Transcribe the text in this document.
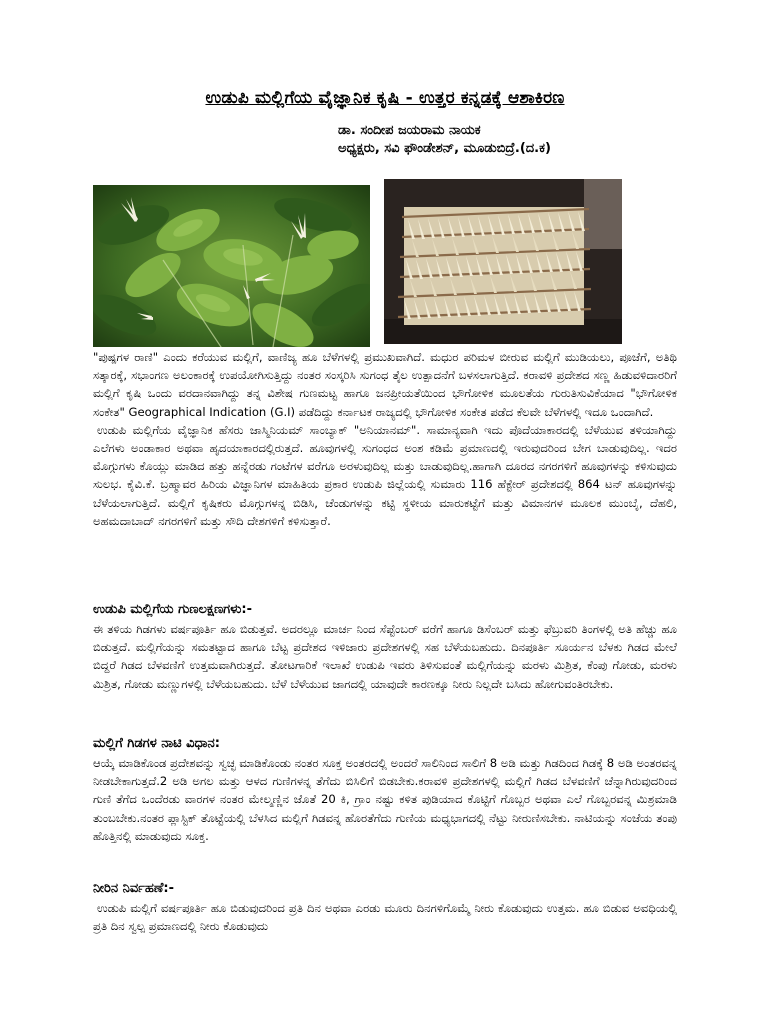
ಉಡುಪಿ ಮಲ್ಲಿಗೆಯ ವೈಜ್ಞಾನಿಕ ಕೃಷಿ - ಉತ್ತರ ಕನ್ನಡಕ್ಕೆ ಆಶಾಕಿರಣ
ಡಾ. ಸಂದೀಪ ಜಯರಾಮ ನಾಯಕ
ಅಧ್ಯಕ್ಷರು, ಸವಿ ಫೌಂಡೇಶನ್, ಮೂಡುಬಿದ್ರೆ.(ದ.ಕ)

"ಪುಷ್ಪಗಳ ರಾಣಿ" ಎಂದು ಕರೆಯುವ ಮಲ್ಲಿಗೆ, ವಾಣಿಜ್ಯ ಹೂ ಬೆಳೆಗಳಲ್ಲಿ ಪ್ರಮುಖವಾಗಿದೆ. ಮಧುರ ಪರಿಮಳ ಬೀರುವ ಮಲ್ಲಿಗೆ ಮುಡಿಯಲು, ಪೂಜೆಗೆ, ಅತಿಥಿ ಸತ್ಕಾರಕ್ಕೆ, ಸಭಾಂಗಣ ಅಲಂಕಾರಕ್ಕೆ ಉಪಯೋಗಿಸುತ್ತಿದ್ದು ನಂತರ ಸಂಸ್ಕರಿಸಿ ಸುಗಂಧ ತೈಲ ಉತ್ಪಾದನೆಗೆ ಬಳಸಲಾಗುತ್ತಿದೆ. ಕರಾವಳಿ ಪ್ರದೇಶದ ಸಣ್ಣ ಹಿಡುವಳಿದಾರರಿಗೆ ಮಲ್ಲಿಗೆ ಕೃಷಿ ಒಂದು ವರದಾನವಾಗಿದ್ದು ತನ್ನ ವಿಶೇಷ ಗುಣಮಟ್ಟ ಹಾಗೂ ಜನಪ್ರೀಯತೆಯಿಂದ ಭೌಗೋಳಿಕ ಮೂಲತೆಯ ಗುರುತಿಸುವಿಕೆಯಾದ "ಭೌಗೋಳಿಕ ಸಂಕೇತ" Geographical Indication (G.I) ಪಡೆದಿದ್ದು ಕರ್ನಾಟಕ ರಾಜ್ಯದಲ್ಲಿ ಭೌಗೋಳಿಕ ಸಂಕೇತ ಪಡೆದ ಕೆಲವೇ ಬೆಳೆಗಳಲ್ಲಿ ಇದೂ ಒಂದಾಗಿದೆ.

ಉಡುಪಿ ಮಲ್ಲಿಗೆಯ ವೈಜ್ಞಾನಿಕ ಹೆಸರು ಜಾಸ್ಮಿನಿಯಮ್ ಸಾಂಬ್ಯಾಕ್ "ಅನಿಯಾನಮ್". ಸಾಮಾನ್ಯವಾಗಿ ಇದು ಪೊದೆಯಾಕಾರದಲ್ಲಿ ಬೆಳೆಯುವ ತಳಿಯಾಗಿದ್ದು ಎಲೆಗಳು ಅಂಡಾಕಾರ ಅಥವಾ ಹೃದಯಾಕಾರದಲ್ಲಿರುತ್ತದೆ. ಹೂವುಗಳಲ್ಲಿ ಸುಗಂಧದ ಅಂಶ ಕಡಿಮೆ ಪ್ರಮಾಣದಲ್ಲಿ ಇರುವುದರಿಂದ ಬೇಗ ಬಾಡುವುದಿಲ್ಲ. ಇದರ ಮೊಗ್ಗುಗಳು ಕೊಯ್ಲು ಮಾಡಿದ ಹತ್ತು ಹನ್ನೆರಡು ಗಂಟೆಗಳ ವರೆಗೂ ಅರಳುವುದಿಲ್ಲ ಮತ್ತು ಬಾಡುವುದಿಲ್ಲ.ಹಾಗಾಗಿ ದೂರದ ನಗರಗಳಿಗೆ ಹೂವುಗಳನ್ನು ಕಳಿಸುವುದು ಸುಲಭ. ಕೈವಿ.ಕೆ. ಬ್ರಹ್ಮಾವರ ಹಿರಿಯ ವಿಜ್ಞಾನಿಗಳ ಮಾಹಿತಿಯ ಪ್ರಕಾರ ಉಡುಪಿ ಜಿಲ್ಲೆಯಲ್ಲಿ ಸುಮಾರು 116 ಹೆಕ್ಟೇರ್ ಪ್ರದೇಶದಲ್ಲಿ 864 ಟನ್ ಹೂವುಗಳನ್ನು ಬೆಳೆಯಲಾಗುತ್ತಿದೆ. ಮಲ್ಲಿಗೆ ಕೃಷಿಕರು ಮೊಗ್ಗುಗಳನ್ನ ಬಿಡಿಸಿ, ಚೆಂಡುಗಳನ್ನು ಕಟ್ಟಿ ಸ್ಥಳೀಯ ಮಾರುಕಟ್ಟೆಗೆ ಮತ್ತು ವಿಮಾನಗಳ ಮೂಲಕ ಮುಂಬೈ, ದೆಹಲಿ, ಅಹಮದಾಬಾದ್ ನಗರಗಳಿಗೆ ಮತ್ತು ಸೌದಿ ದೇಶಗಳಿಗೆ ಕಳಿಸುತ್ತಾರೆ.

ಉಡುಪಿ ಮಲ್ಲಿಗೆಯ ಗುಣಲಕ್ಷಣಗಳು:-
ಈ ತಳಿಯ ಗಿಡಗಳು ವರ್ಷಪೂರ್ತಿ ಹೂ ಬಿಡುತ್ತವೆ. ಅದರಲ್ಲೂ ಮಾರ್ಚ ನಿಂದ ಸೆಪ್ಟೆಂಬರ್ ವರೆಗೆ ಹಾಗೂ ಡಿಸೆಂಬರ್ ಮತ್ತು ಫೆಬ್ರುವರಿ ತಿಂಗಳಲ್ಲಿ ಅತಿ ಹೆಚ್ಚು ಹೂ ಬಿಡುತ್ತದೆ. ಮಲ್ಲಿಗೆಯನ್ನು ಸಮತಟ್ಟಾದ ಹಾಗೂ ಬೆಟ್ಟ ಪ್ರದೇಶದ ಇಳಿಜಾರು ಪ್ರದೇಶಗಳಲ್ಲಿ ಸಹ ಬೆಳೆಯಬಹುದು. ದಿನಪೂರ್ತಿ ಸೂರ್ಯನ ಬೆಳಕು ಗಿಡದ ಮೇಲೆ ಬಿದ್ದರೆ ಗಿಡದ ಬೆಳವಣಿಗೆ ಉತ್ತಮವಾಗಿರುತ್ತದೆ. ತೋಟಗಾರಿಕೆ ಇಲಾಖೆ ಉಡುಪಿ ಇವರು ತಿಳಿಸುವಂತೆ ಮಲ್ಲಿಗೆಯನ್ನು ಮರಳು ಮಿಶ್ರಿತ, ಕೆಂಪು ಗೋಡು, ಮರಳು ಮಿಶ್ರಿತ, ಗೋಡು ಮಣ್ಣುಗಳಲ್ಲಿ ಬೆಳೆಯಬಹುದು. ಬೆಳೆ ಬೆಳೆಯುವ ಜಾಗದಲ್ಲಿ ಯಾವುದೇ ಕಾರಣಕ್ಕೂ ನೀರು ನಿಲ್ಲದೇ ಬಸಿದು ಹೋಗುವಂತಿರಬೇಕು.
ಮಲ್ಲಿಗೆ ಗಿಡಗಳ ನಾಟಿ ವಿಧಾನ:
ಆಯ್ಕೆ ಮಾಡಿಕೊಂಡ ಪ್ರದೇಶವನ್ನು ಸ್ವಚ್ಛ ಮಾಡಿಕೊಂಡು ನಂತರ ಸೂಕ್ತ ಅಂತರದಲ್ಲಿ ಅಂದರೆ ಸಾಲಿನಿಂದ ಸಾಲಿಗೆ 8 ಅಡಿ ಮತ್ತು ಗಿಡದಿಂದ ಗಿಡಕ್ಕೆ 8 ಅಡಿ ಅಂತರವನ್ನ ನೀಡಬೇಕಾಗುತ್ತದೆ.2 ಅಡಿ ಅಗಲ ಮತ್ತು ಆಳದ ಗುಣಿಗಳನ್ನ ತೆಗೆದು ಬಿಸಿಲಿಗೆ ಬಿಡಬೇಕು.ಕರಾವಳಿ ಪ್ರದೇಶಗಳಲ್ಲಿ ಮಲ್ಲಿಗೆ ಗಿಡದ ಬೆಳವಣಿಗೆ ಚೆನ್ನಾಗಿರುವುದರಿಂದ ಗುಣಿ ತೆಗೆದ ಒಂದೆರಡು ವಾರಗಳ ನಂತರ ಮೇಲ್ಮಣ್ಣಿನ ಜೊತೆ 20 ಕಿ, ಗ್ರಾಂ ನಷ್ಟು ಕಳಿತ ಪುಡಿಯಾದ ಕೊಟ್ಟಿಗೆ ಗೊಬ್ಬರ ಅಥವಾ ಎಲೆ ಗೊಬ್ಬರವನ್ನ ಮಿಶ್ರಮಾಡಿ ತುಂಬಬೇಕು.ನಂತರ ಪ್ಲಾಸ್ಟಿಕ್ ತೊಟ್ಟೆಯಲ್ಲಿ ಬೆಳಸಿದ ಮಲ್ಲಿಗೆ ಗಿಡವನ್ನ ಹೊರತೆಗೆದು ಗುಣಿಯ ಮಧ್ಯಭಾಗದಲ್ಲಿ ನೆಟ್ಟು ನೀರುಣಿಸಬೇಕು. ನಾಟಿಯನ್ನು ಸಂಜೆಯ ತಂಪು ಹೊತ್ತಿನಲ್ಲಿ ಮಾಡುವುದು ಸೂಕ್ತ.
ನೀರಿನ ನಿರ್ವಹಣೆ:-
ಉಡುಪಿ ಮಲ್ಲಿಗೆ ವರ್ಷಪೂರ್ತಿ ಹೂ ಬಿಡುವುದರಿಂದ ಪ್ರತಿ ದಿನ ಅಥವಾ ಎರಡು ಮೂರು ದಿನಗಳಿಗೊಮ್ಮೆ ನೀರು ಕೊಡುವುದು ಉತ್ತಮ. ಹೂ ಬಿಡುವ ಅವಧಿಯಲ್ಲಿ ಪ್ರತಿ ದಿನ ಸ್ವಲ್ಪ ಪ್ರಮಾಣದಲ್ಲಿ ನೀರು ಕೊಡುವುದು
